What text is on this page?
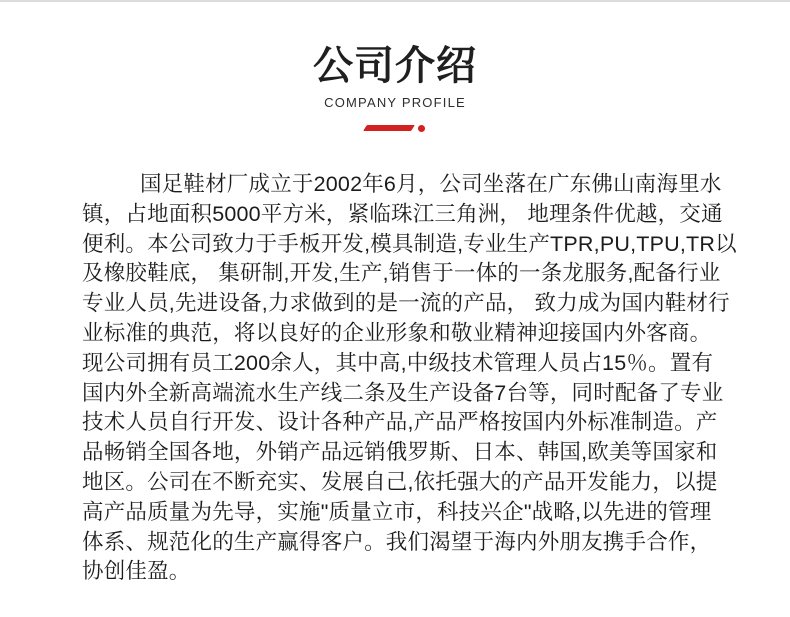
公司介绍
COMPANY PROFILE
国足鞋材厂成立于2002年6月，公司坐落在广东佛山南海里水
镇，占地面积5000平方米，紧临珠江三角洲， 地理条件优越，交通
便利。本公司致力于手板开发,模具制造,专业生产TPR,PU,TPU,TR以
及橡胶鞋底， 集研制,开发,生产,销售于一体的一条龙服务,配备行业
专业人员,先进设备,力求做到的是一流的产品， 致力成为国内鞋材行
业标准的典范，将以良好的企业形象和敬业精神迎接国内外客商。
现公司拥有员工200余人，其中高,中级技术管理人员占15％。置有
国内外全新高端流水生产线二条及生产设备7台等，同时配备了专业
技术人员自行开发、设计各种产品,产品严格按国内外标准制造。产
品畅销全国各地，外销产品远销俄罗斯、日本、韩国,欧美等国家和
地区。公司在不断充实、发展自己,依托强大的产品开发能力，以提
高产品质量为先导，实施"质量立市，科技兴企"战略,以先进的管理
体系、规范化的生产赢得客户。我们渴望于海内外朋友携手合作，
协创佳盈。
